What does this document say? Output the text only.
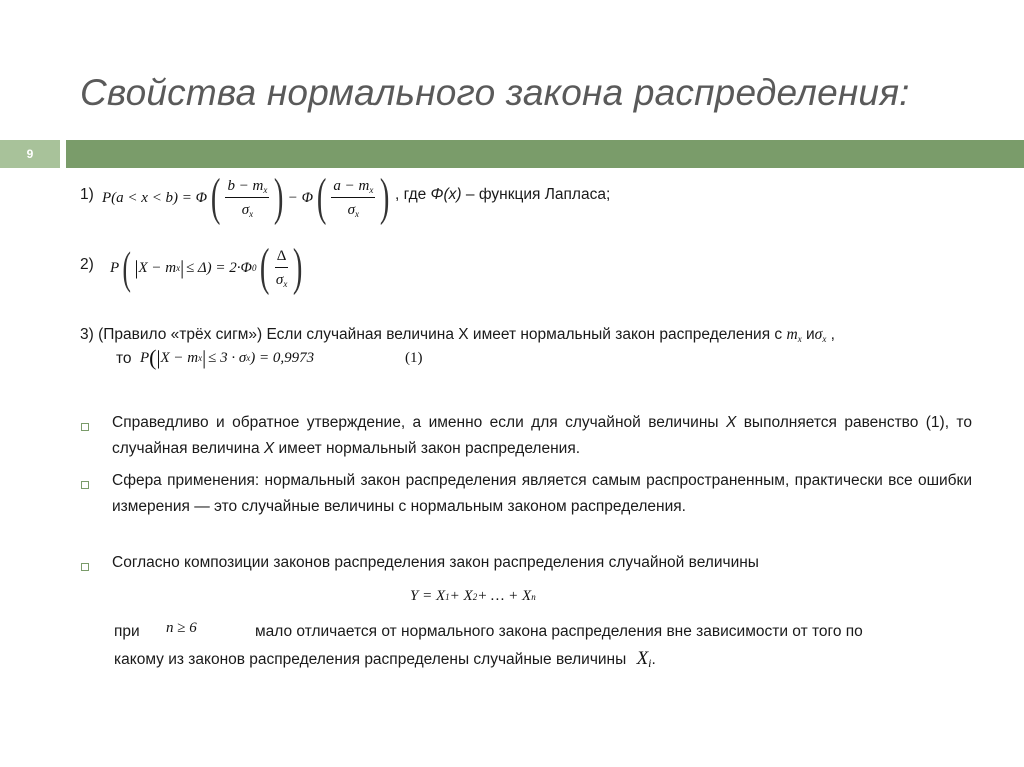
Свойства нормального закона распределения:
9
1) P(a < x < b) = Φ ( $\frac{b - m_x}{\sigma_x}$ ) − Φ ( $\frac{a - m_x}{\sigma_x}$ ) , где Φ(x) – функция Лапласа;
2) P ( | X − m x | ≤ Δ ) = 2·Φ 0 ( $\frac{\Delta}{\sigma_x}$ )
3) (Правило «трёх сигм») Если случайная величина X имеет нормальный закон распределения с $m_x$ $и\sigma_x$ ,
то P ( | X − m x | ≤ 3 · σ x ) = 0,9973	(1)
Справедливо и обратное утверждение, а именно если для случайной величины X выполняется равенство (1), то случайная величина X имеет нормальный закон распределения.
Сфера применения: нормальный закон распределения является самым распространенным, практически все ошибки измерения — это случайные величины с нормальным законом распределения.
Согласно композиции законов распределения закон распределения случайной величины
Y = X 1 + X 2 + … + X n
при n ≥ 6	мало отличается от нормального закона распределения вне зависимости от того по
какому из законов распределения распределены случайные величины $X_i$.
